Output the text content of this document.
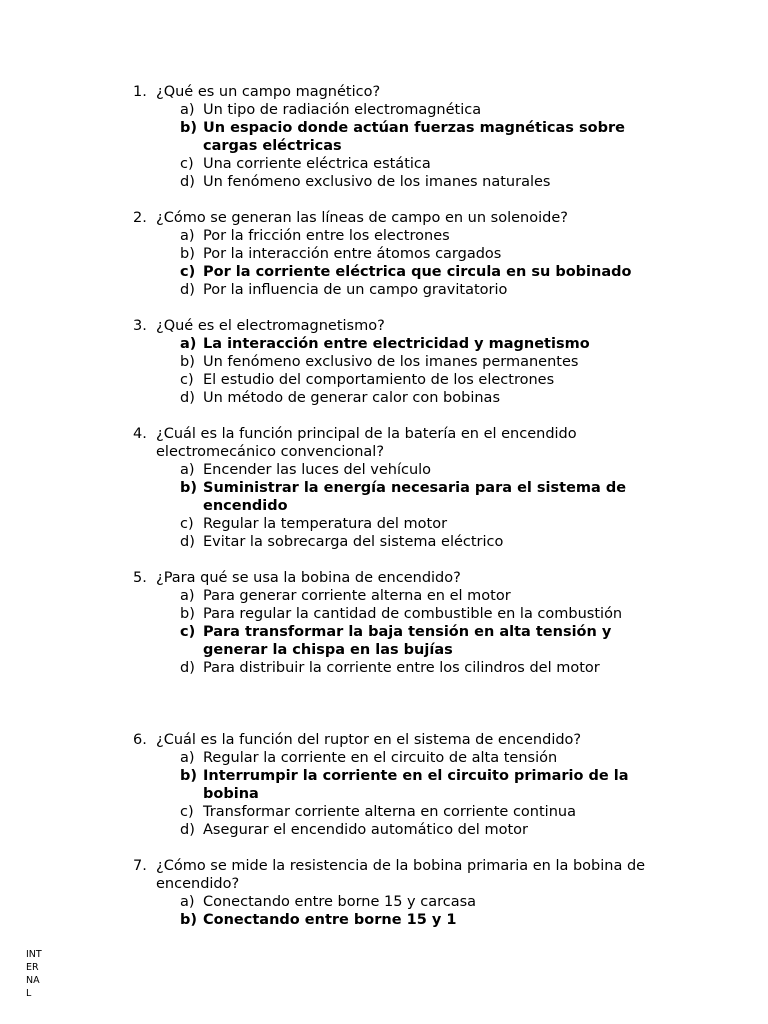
1. ¿Qué es un campo magnético?
a) Un tipo de radiación electromagnética
b) Un espacio donde actúan fuerzas magnéticas sobre
cargas eléctricas
c) Una corriente eléctrica estática
d) Un fenómeno exclusivo de los imanes naturales
2. ¿Cómo se generan las líneas de campo en un solenoide?
a) Por la fricción entre los electrones
b) Por la interacción entre átomos cargados
c) Por la corriente eléctrica que circula en su bobinado
d) Por la influencia de un campo gravitatorio
3. ¿Qué es el electromagnetismo?
a) La interacción entre electricidad y magnetismo
b) Un fenómeno exclusivo de los imanes permanentes
c) El estudio del comportamiento de los electrones
d) Un método de generar calor con bobinas
4. ¿Cuál es la función principal de la batería en el encendido
electromecánico convencional?
a) Encender las luces del vehículo
b) Suministrar la energía necesaria para el sistema de
encendido
c) Regular la temperatura del motor
d) Evitar la sobrecarga del sistema eléctrico
5. ¿Para qué se usa la bobina de encendido?
a) Para generar corriente alterna en el motor
b) Para regular la cantidad de combustible en la combustión
c) Para transformar la baja tensión en alta tensión y
generar la chispa en las bujías
d) Para distribuir la corriente entre los cilindros del motor
6. ¿Cuál es la función del ruptor en el sistema de encendido?
a) Regular la corriente en el circuito de alta tensión
b) Interrumpir la corriente en el circuito primario de la
bobina
c) Transformar corriente alterna en corriente continua
d) Asegurar el encendido automático del motor
7. ¿Cómo se mide la resistencia de la bobina primaria en la bobina de
encendido?
a) Conectando entre borne 15 y carcasa
b) Conectando entre borne 15 y 1
INT
ER
NA
L
